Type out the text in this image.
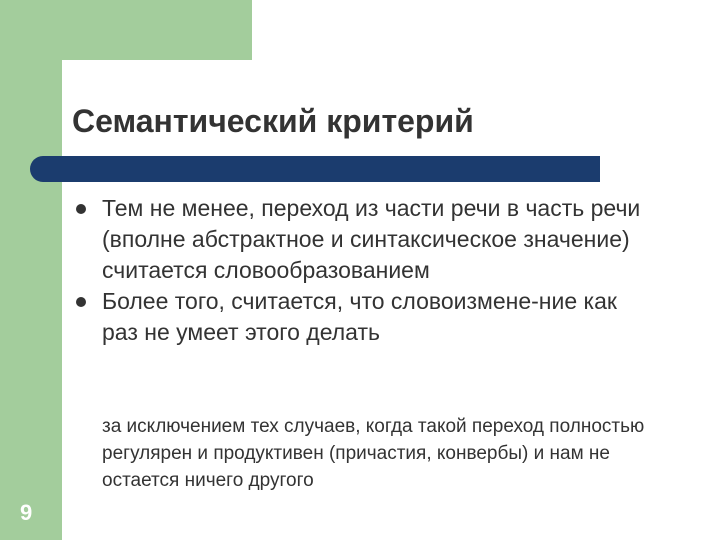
Семантический критерий
Тем не менее, переход из части речи в часть речи (вполне абстрактное и синтаксическое значение) считается словообразованием
Более того, считается, что словоизмене-ние как раз не умеет этого делать

за исключением тех случаев, когда такой переход полностью регулярен и продуктивен (причастия, конвербы) и нам не остается ничего другого

9
